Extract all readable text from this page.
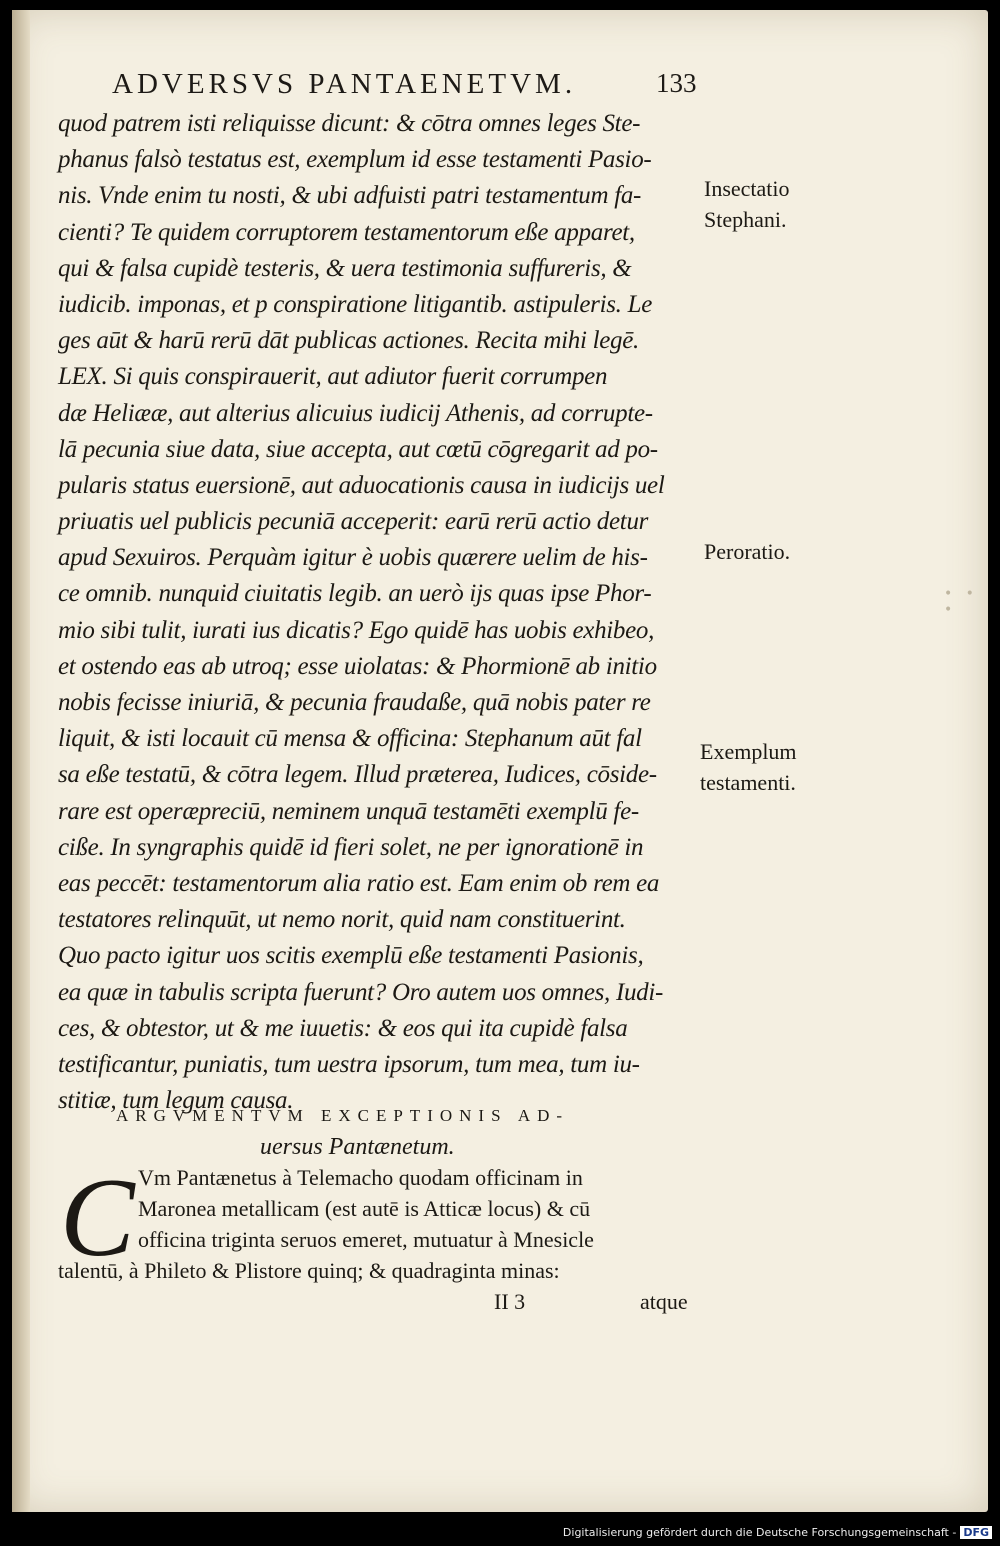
ADVERSVS PANTAENETVM.	133
quod patrem isti reliquisse dicunt: & cōtra omnes leges Ste-
phanus falsò testatus est, exemplum id esse testamenti Pasio-
nis. Vnde enim tu nosti, & ubi adfuisti patri testamentum fa-
cienti? Te quidem corruptorem testamentorum eße apparet,
qui & falsa cupidè testeris, & uera testimonia suffureris, &
iudicib. imponas, et p conspiratione litigantib. astipuleris. Le
ges aūt & harū rerū dāt publicas actiones. Recita mihi legē.
LEX. Si quis conspirauerit, aut adiutor fuerit corrumpen
dæ Heliææ, aut alterius alicuius iudicij Athenis, ad corrupte-
lā pecunia siue data, siue accepta, aut cœtū cōgregarit ad po-
pularis status euersionē, aut aduocationis causa in iudicijs uel
priuatis uel publicis pecuniā acceperit: earū rerū actio detur
apud Sexuiros. Perquàm igitur è uobis quærere uelim de his-
ce omnib. nunquid ciuitatis legib. an uerò ijs quas ipse Phor-
mio sibi tulit, iurati ius dicatis? Ego quidē has uobis exhibeo,
et ostendo eas ab utroq; esse uiolatas: & Phormionē ab initio
nobis fecisse iniuriā, & pecunia fraudaße, quā nobis pater re
liquit, & isti locauit cū mensa & officina: Stephanum aūt fal
sa eße testatū, & cōtra legem. Illud præterea, Iudices, cōside-
rare est operæpreciū, neminem unquā testamēti exemplū fe-
ciße. In syngraphis quidē id fieri solet, ne per ignorationē in
eas peccēt: testamentorum alia ratio est. Eam enim ob rem ea
testatores relinquūt, ut nemo norit, quid nam constituerint.
Quo pacto igitur uos scitis exemplū eße testamenti Pasionis,
ea quæ in tabulis scripta fuerunt? Oro autem uos omnes, Iudi-
ces, & obtestor, ut & me iuuetis: & eos qui ita cupidè falsa
testificantur, puniatis, tum uestra ipsorum, tum mea, tum iu-
stitiæ, tum legum causa.
Insectatio
Stephani.
Peroratio.
Exemplum
testamenti.
•   •   •
ARGVMENTVM EXCEPTIONIS AD-
uersus Pantænetum.
C Vm Pantænetus à Telemacho quodam officinam in
Maronea metallicam (est autē is Atticæ locus) & cū
officina triginta seruos emeret, mutuatur à Mnesicle
talentū, à Phileto & Plistore quinq; & quadraginta minas:
II 3	atque
Digitalisierung gefördert durch die Deutsche Forschungsgemeinschaft - DFG
